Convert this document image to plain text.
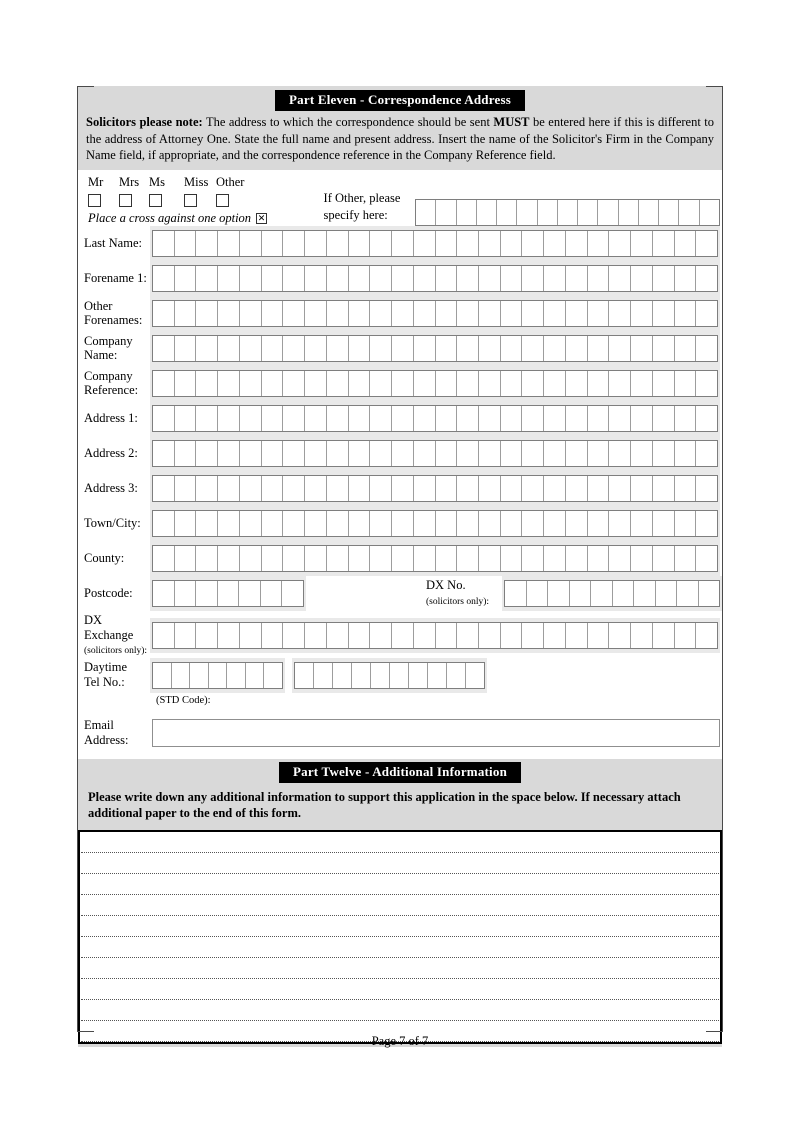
Part Eleven - Correspondence Address
Solicitors please note: The address to which the correspondence should be sent MUST be entered here if this is different to the address of Attorney One. State the full name and present address. Insert the name of the Solicitor's Firm in the Company Name field, if appropriate, and the correspondence reference in the Company Reference field.
Mr	Mrs Ms	Miss Other
Place a cross against one option ✕
If Other, please
specify here:
Last Name:
Forename 1:
Other
Forenames:
Company
Name:
Company
Reference:
Address 1:
Address 2:
Address 3:
Town/City:
County:
Postcode:
DX No.
(solicitors only):
DX Exchange
(solicitors only):
Daytime
Tel No.:
(STD Code):
Email
Address:
Part Twelve - Additional Information
Please write down any additional information to support this application in the space below. If necessary attach additional paper to the end of this form.
Page 7 of 7
